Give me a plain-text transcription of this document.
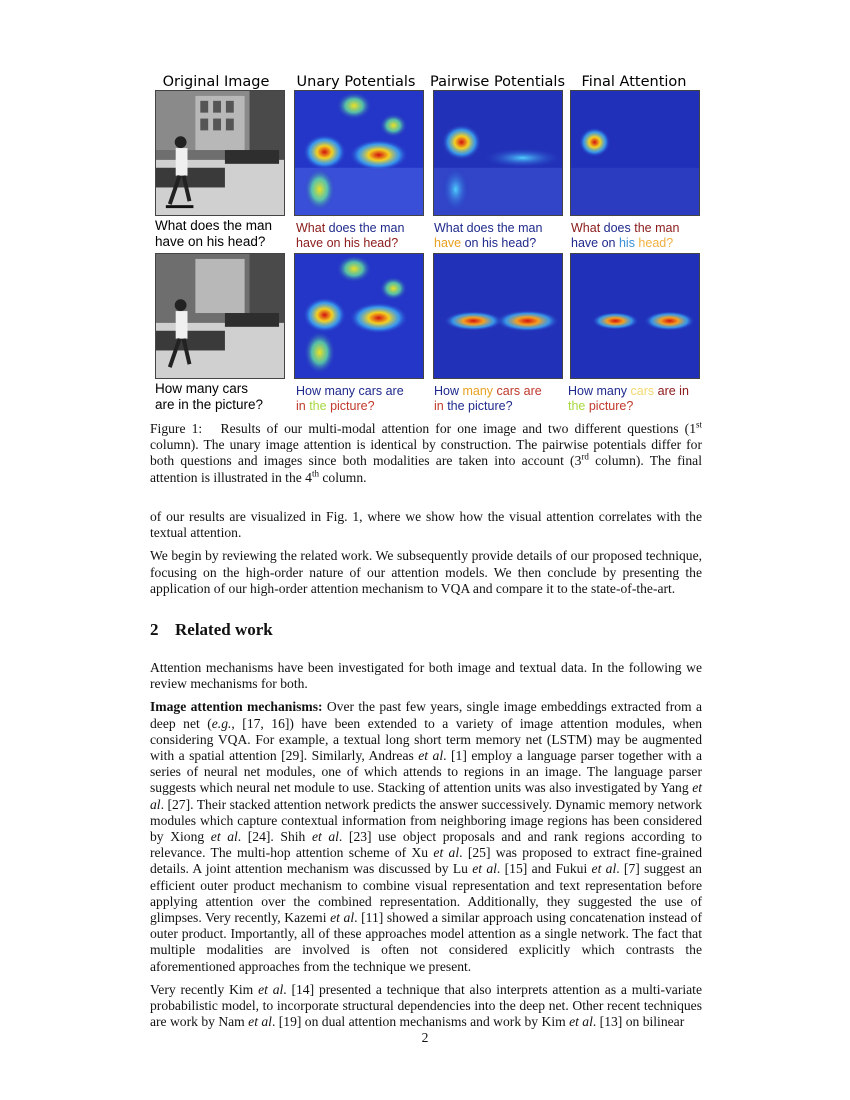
Original Image	Unary Potentials	Pairwise Potentials	Final Attention
What does the man
have on his head?
What does the man
have on his head?
What does the man
have on his head?
What does the man
have on his head?
How many cars
are in the picture?
How many cars are
in the picture?
How many cars are
in the picture?
How many cars are in
the picture?
Figure 1: Results of our multi-modal attention for one image and two different questions (1st column). The unary image attention is identical by construction. The pairwise potentials differ for both questions and images since both modalities are taken into account (3rd column). The final attention is illustrated in the 4th column.

of our results are visualized in Fig. 1, where we show how the visual attention correlates with the textual attention.

We begin by reviewing the related work. We subsequently provide details of our proposed technique, focusing on the high-order nature of our attention models. We then conclude by presenting the application of our high-order attention mechanism to VQA and compare it to the state-of-the-art.

2 Related work

Attention mechanisms have been investigated for both image and textual data. In the following we review mechanisms for both.

Image attention mechanisms: Over the past few years, single image embeddings extracted from a deep net (e.g., [17, 16]) have been extended to a variety of image attention modules, when considering VQA. For example, a textual long short term memory net (LSTM) may be augmented with a spatial attention [29]. Similarly, Andreas et al. [1] employ a language parser together with a series of neural net modules, one of which attends to regions in an image. The language parser suggests which neural net module to use. Stacking of attention units was also investigated by Yang et al. [27]. Their stacked attention network predicts the answer successively. Dynamic memory network modules which capture contextual information from neighboring image regions has been considered by Xiong et al. [24]. Shih et al. [23] use object proposals and and rank regions according to relevance. The multi-hop attention scheme of Xu et al. [25] was proposed to extract fine-grained details. A joint attention mechanism was discussed by Lu et al. [15] and Fukui et al. [7] suggest an efficient outer product mechanism to combine visual representation and text representation before applying attention over the combined representation. Additionally, they suggested the use of glimpses. Very recently, Kazemi et al. [11] showed a similar approach using concatenation instead of outer product. Importantly, all of these approaches model attention as a single network. The fact that multiple modalities are involved is often not considered explicitly which contrasts the aforementioned approaches from the technique we present.

Very recently Kim et al. [14] presented a technique that also interprets attention as a multi-variate probabilistic model, to incorporate structural dependencies into the deep net. Other recent techniques are work by Nam et al. [19] on dual attention mechanisms and work by Kim et al. [13] on bilinear

2
